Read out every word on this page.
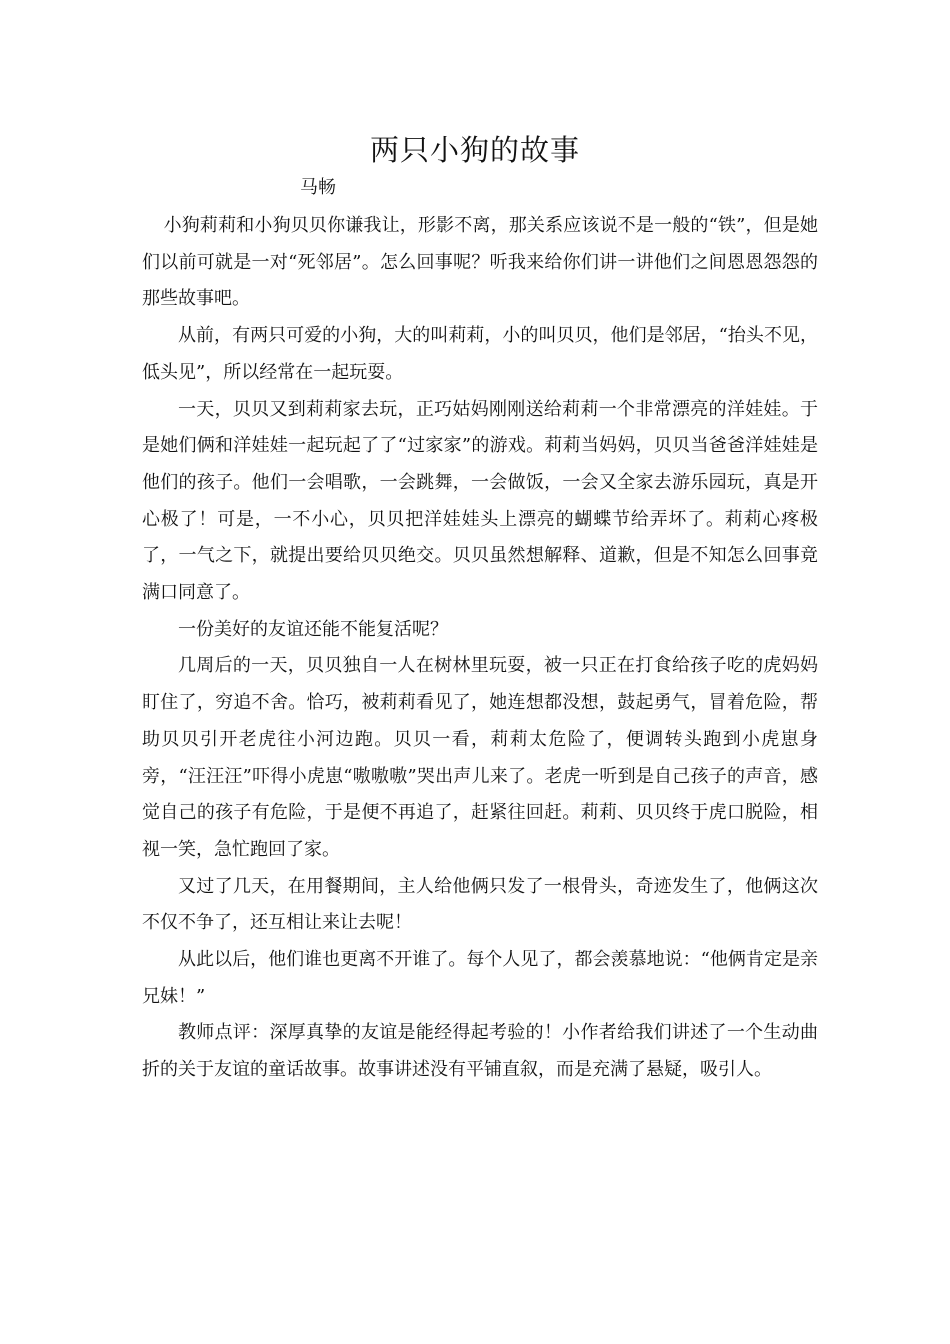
两只小狗的故事

马畅

小狗莉莉和小狗贝贝你谦我让，形影不离，那关系应该说不是一般的“铁”，但是她们以前可就是一对“死邻居”。怎么回事呢？听我来给你们讲一讲他们之间恩恩怨怨的那些故事吧。

从前，有两只可爱的小狗，大的叫莉莉，小的叫贝贝，他们是邻居，“抬头不见，低头见”，所以经常在一起玩耍。

一天，贝贝又到莉莉家去玩，正巧姑妈刚刚送给莉莉一个非常漂亮的洋娃娃。于是她们俩和洋娃娃一起玩起了了“过家家”的游戏。莉莉当妈妈，贝贝当爸爸洋娃娃是他们的孩子。他们一会唱歌，一会跳舞，一会做饭，一会又全家去游乐园玩，真是开心极了！可是，一不小心，贝贝把洋娃娃头上漂亮的蝴蝶节给弄坏了。莉莉心疼极了，一气之下，就提出要给贝贝绝交。贝贝虽然想解释、道歉，但是不知怎么回事竟满口同意了。

一份美好的友谊还能不能复活呢？

几周后的一天，贝贝独自一人在树林里玩耍，被一只正在打食给孩子吃的虎妈妈盯住了，穷追不舍。恰巧，被莉莉看见了，她连想都没想，鼓起勇气，冒着危险，帮助贝贝引开老虎往小河边跑。贝贝一看，莉莉太危险了，便调转头跑到小虎崽身旁，“汪汪汪”吓得小虎崽“嗷嗷嗷”哭出声儿来了。老虎一听到是自己孩子的声音，感觉自己的孩子有危险，于是便不再追了，赶紧往回赶。莉莉、贝贝终于虎口脱险，相视一笑，急忙跑回了家。

又过了几天，在用餐期间，主人给他俩只发了一根骨头，奇迹发生了，他俩这次不仅不争了，还互相让来让去呢！

从此以后，他们谁也更离不开谁了。每个人见了，都会羡慕地说：“他俩肯定是亲兄妹！”

教师点评：深厚真挚的友谊是能经得起考验的！小作者给我们讲述了一个生动曲折的关于友谊的童话故事。故事讲述没有平铺直叙，而是充满了悬疑，吸引人。
